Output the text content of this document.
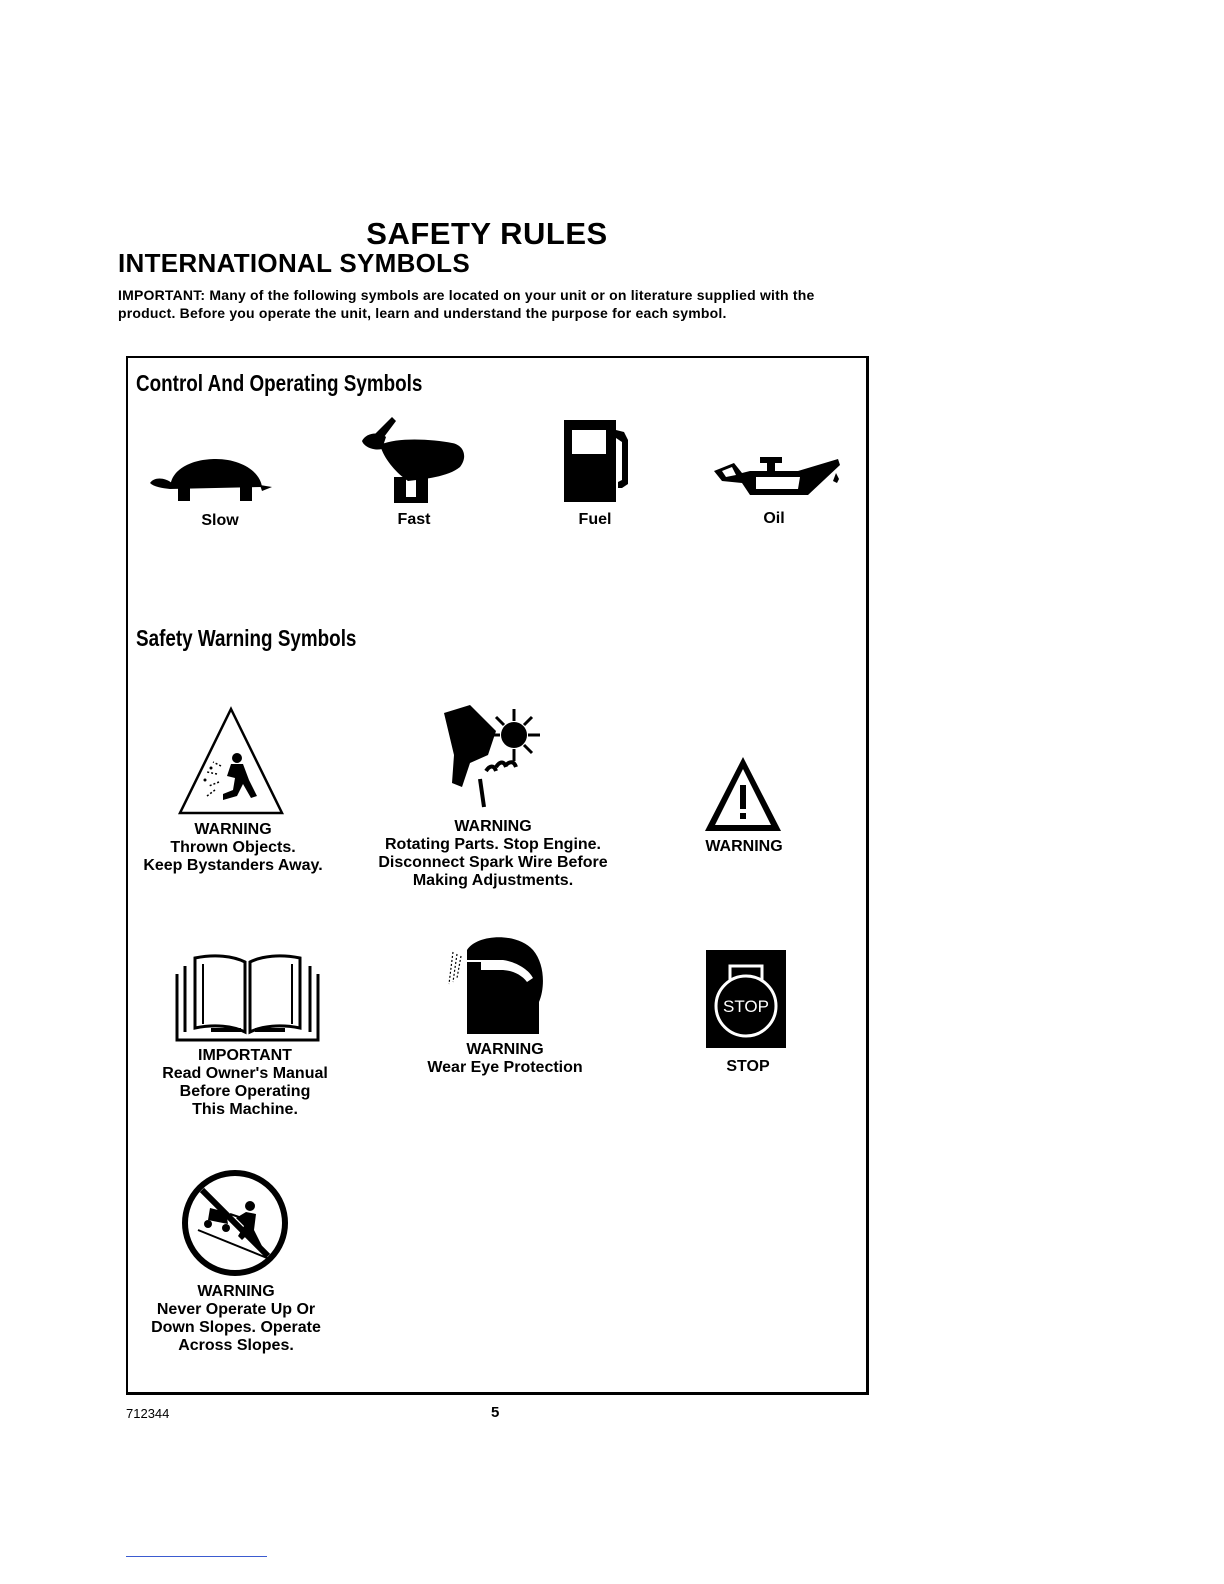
SAFETY RULES
INTERNATIONAL SYMBOLS
IMPORTANT: Many of the following symbols are located on your unit or on literature supplied with the product. Before you operate the unit, learn and understand the purpose for each symbol.
Control And Operating Symbols
Slow	Fast	Fuel	Oil
Safety Warning Symbols
WARNING
Thrown Objects.
Keep Bystanders Away.
WARNING
Rotating Parts. Stop Engine.
Disconnect Spark Wire Before
Making Adjustments.
WARNING
IMPORTANT
Read Owner's Manual
Before Operating
This Machine.
WARNING
Wear Eye Protection
STOP
STOP
WARNING
Never Operate Up Or
Down Slopes. Operate
Across Slopes.
712344	5
